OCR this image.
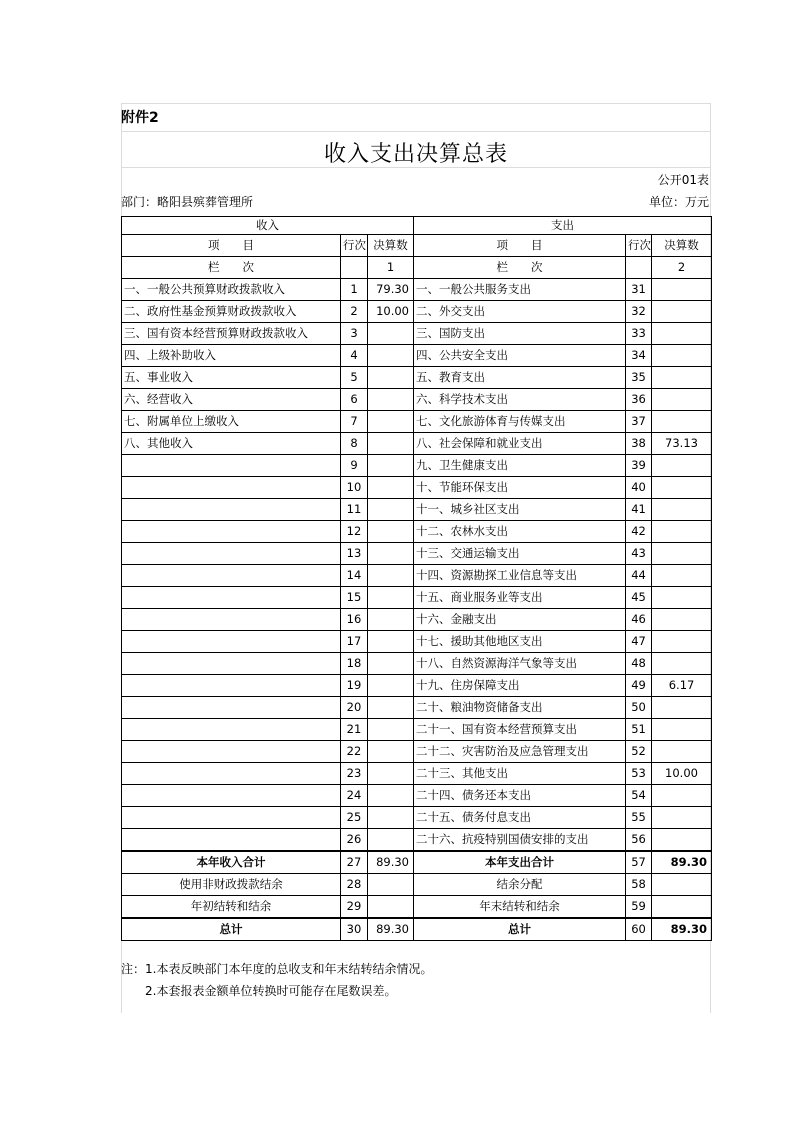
附件2
收入支出决算总表
公开01表
部门：略阳县殡葬管理所	单位：万元
收入			支出		
项　　目	行次	决算数	项　　目	行次	决算数
栏　　次		1	栏　　次		2
一、一般公共预算财政拨款收入	1	79.30	一、一般公共服务支出	31	
二、政府性基金预算财政拨款收入	2	10.00	二、外交支出	32	
三、国有资本经营预算财政拨款收入	3		三、国防支出	33	
四、上级补助收入	4		四、公共安全支出	34	
五、事业收入	5		五、教育支出	35	
六、经营收入	6		六、科学技术支出	36	
七、附属单位上缴收入	7		七、文化旅游体育与传媒支出	37	
八、其他收入	8		八、社会保障和就业支出	38	73.13
	9		九、卫生健康支出	39	
	10		十、节能环保支出	40	
	11		十一、城乡社区支出	41	
	12		十二、农林水支出	42	
	13		十三、交通运输支出	43	
	14		十四、资源勘探工业信息等支出	44	
	15		十五、商业服务业等支出	45	
	16		十六、金融支出	46	
	17		十七、援助其他地区支出	47	
	18		十八、自然资源海洋气象等支出	48	
	19		十九、住房保障支出	49	6.17
	20		二十、粮油物资储备支出	50	
	21		二十一、国有资本经营预算支出	51	
	22		二十二、灾害防治及应急管理支出	52	
	23		二十三、其他支出	53	10.00
	24		二十四、债务还本支出	54	
	25		二十五、债务付息支出	55	
	26		二十六、抗疫特别国债安排的支出	56	
本年收入合计	27	89.30	本年支出合计	57	89.30
使用非财政拨款结余	28		结余分配	58	
年初结转和结余	29		年末结转和结余	59	
总计	30	89.30	总计	60	89.30
注：1.本表反映部门本年度的总收支和年末结转结余情况。
2.本套报表金额单位转换时可能存在尾数误差。
